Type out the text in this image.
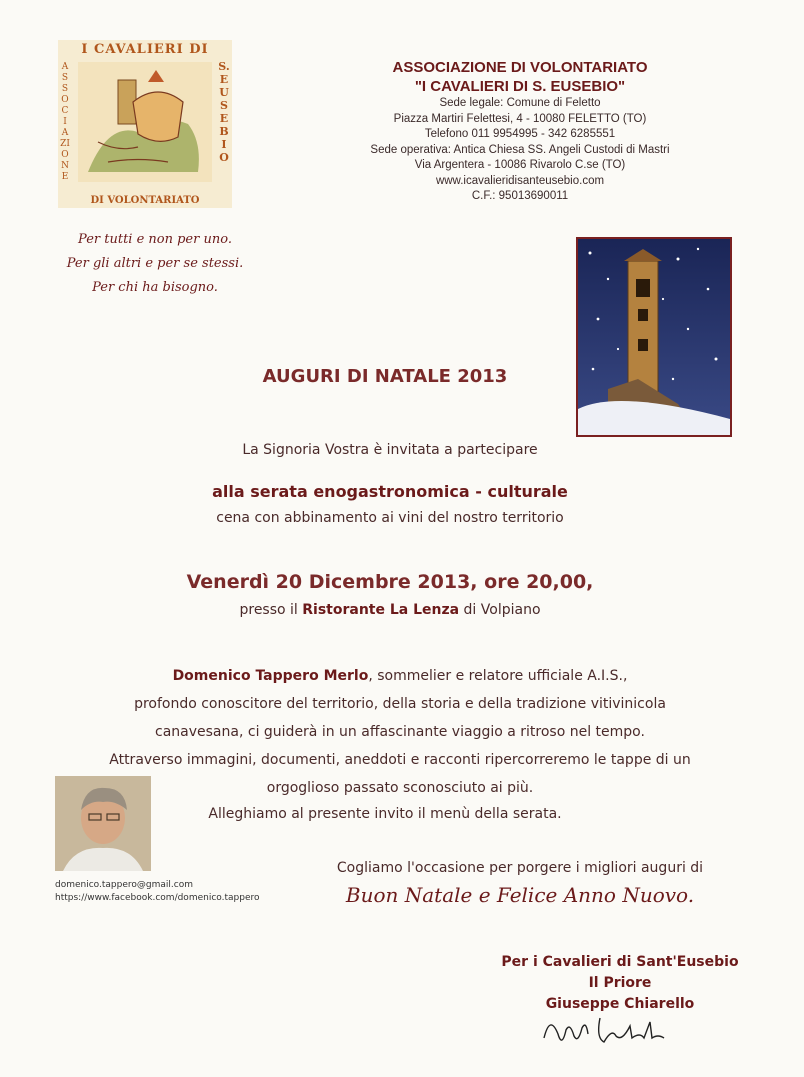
I CAVALIERI DI
ASSOCIAZIONE
S. EUSEBIO
DI VOLONTARIATO
Per tutti e non per uno.
Per gli altri e per se stessi.
Per chi ha bisogno.
ASSOCIAZIONE DI VOLONTARIATO
"I CAVALIERI DI S. EUSEBIO"
Sede legale: Comune di Feletto
Piazza Martiri Felettesi, 4 - 10080 FELETTO (TO)
Telefono 011 9954995 - 342 6285551
Sede operativa: Antica Chiesa SS. Angeli Custodi di Mastri
Via Argentera - 10086 Rivarolo C.se (TO)
www.icavalieridisanteusebio.com
C.F.: 95013690011
AUGURI DI NATALE 2013
La Signoria Vostra è invitata a partecipare
alla serata enogastronomica - culturale
cena con abbinamento ai vini del nostro territorio
Venerdì 20 Dicembre 2013, ore 20,00,
presso il Ristorante La Lenza di Volpiano
Domenico Tappero Merlo, sommelier e relatore ufficiale A.I.S.,
profondo conoscitore del territorio, della storia e della tradizione vitivinicola
canavesana, ci guiderà in un affascinante viaggio a ritroso nel tempo.
Attraverso immagini, documenti, aneddoti e racconti ripercorreremo le tappe di un
orgoglioso passato sconosciuto ai più.
Alleghiamo al presente invito il menù della serata.
domenico.tappero@gmail.com
https://www.facebook.com/domenico.tappero
Cogliamo l'occasione per porgere i migliori auguri di
Buon Natale e Felice Anno Nuovo.
Per i Cavalieri di Sant'Eusebio
Il Priore
Giuseppe Chiarello
